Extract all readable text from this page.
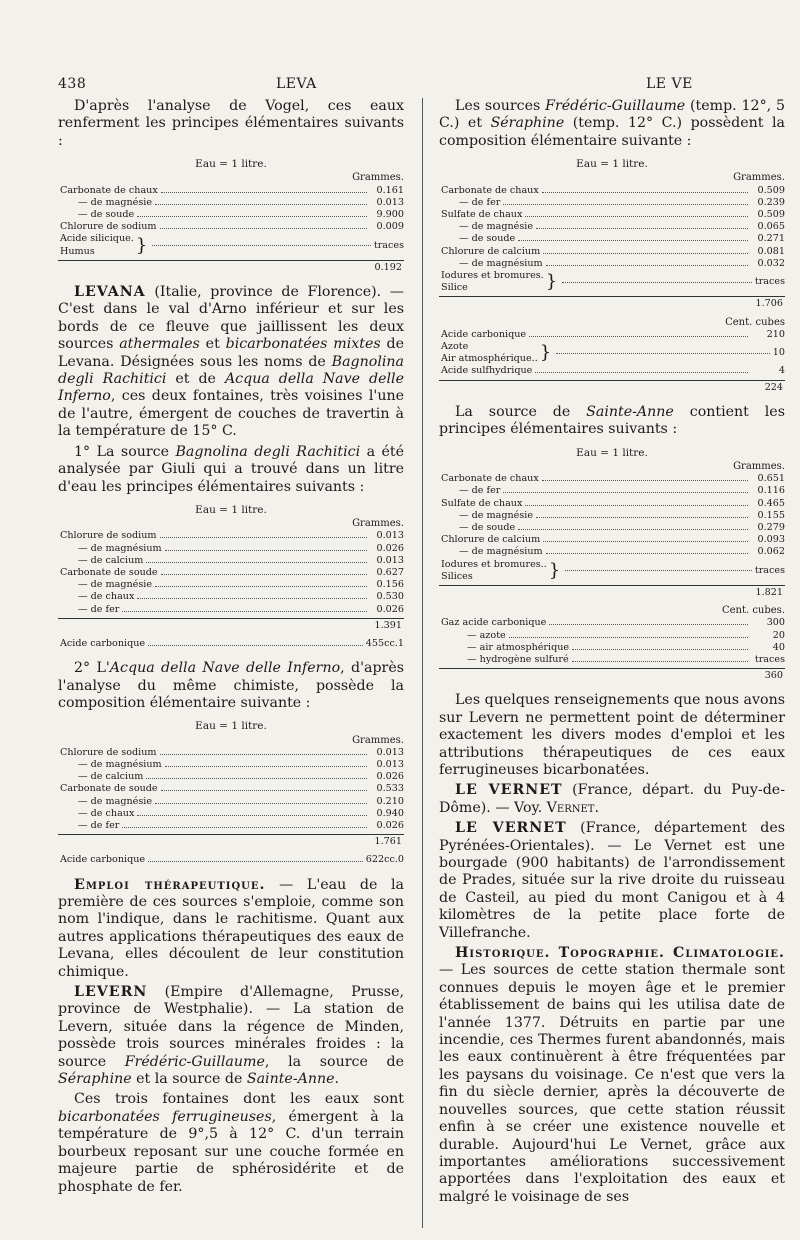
438	LEVA	LE VE

D'après l'analyse de Vogel, ces eaux renferment les principes élémentaires suivants :

Eau = 1 litre.
Grammes.
Carbonate de chaux	0.161
— de magnésie	0.013
— de soude	9.900
Chlorure de sodium	0.009
Acide silicique.
Humus	}	traces
0.192

LEVANA (Italie, province de Florence). — C'est dans le val d'Arno inférieur et sur les bords de ce fleuve que jaillissent les deux sources athermales et bicarbonatées mixtes de Levana. Désignées sous les noms de Bagnolina degli Rachitici et de Acqua della Nave delle Inferno, ces deux fontaines, très voisines l'une de l'autre, émergent de couches de travertin à la température de 15° C.

1° La source Bagnolina degli Rachitici a été analysée par Giuli qui a trouvé dans un litre d'eau les principes élémentaires suivants :

Eau = 1 litre.
Grammes.
Chlorure de sodium	0.013
— de magnésium	0.026
— de calcium	0.013
Carbonate de soude	0.627
— de magnésie	0.156
— de chaux	0.530
— de fer	0.026
1.391
Acide carbonique	455cc.1

2° L'Acqua della Nave delle Inferno, d'après l'analyse du même chimiste, possède la composition élémentaire suivante :

Eau = 1 litre.
Grammes.
Chlorure de sodium	0.013
— de magnésium	0.013
— de calcium	0.026
Carbonate de soude	0.533
— de magnésie	0.210
— de chaux	0.940
— de fer	0.026
1.761
Acide carbonique	622cc.0

Emploi thérapeutique. — L'eau de la première de ces sources s'emploie, comme son nom l'indique, dans le rachitisme. Quant aux autres applications thérapeutiques des eaux de Levana, elles découlent de leur constitution chimique.

LEVERN (Empire d'Allemagne, Prusse, province de Westphalie). — La station de Levern, située dans la régence de Minden, possède trois sources minérales froides : la source Frédéric-Guillaume, la source de Séraphine et la source de Sainte-Anne.

Ces trois fontaines dont les eaux sont bicarbonatées ferrugineuses, émergent à la température de 9°,5 à 12° C. d'un terrain bourbeux reposant sur une couche formée en majeure partie de sphérosidérite et de phosphate de fer.

Les sources Frédéric-Guillaume (temp. 12°, 5 C.) et Séraphine (temp. 12° C.) possèdent la composition élémentaire suivante :

Eau = 1 litre.
Grammes.
Carbonate de chaux	0.509
— de fer	0.239
Sulfate de chaux	0.509
— de magnésie	0.065
— de soude	0.271
Chlorure de calcium	0.081
— de magnésium	0.032
Iodures et bromures.
Silice	}	traces
1.706
Cent. cubes
Acide carbonique	210
Azote
Air atmosphérique.. }	10
Acide sulfhydrique	4
224

La source de Sainte-Anne contient les principes élémentaires suivants :

Eau = 1 litre.
Grammes.
Carbonate de chaux	0.651
— de fer	0.116
Sulfate de chaux	0.465
— de magnésie	0.155
— de soude	0.279
Chlorure de calcium	0.093
— de magnésium	0.062
Iodures et bromures..
Silices	}	traces
1.821
Cent. cubes.
Gaz acide carbonique	300
— azote	20
— air atmosphérique	40
— hydrogène sulfuré	traces
360

Les quelques renseignements que nous avons sur Levern ne permettent point de déterminer exactement les divers modes d'emploi et les attributions thérapeutiques de ces eaux ferrugineuses bicarbonatées.

LE VERNET (France, départ. du Puy-de-Dôme). — Voy. Vernet.

LE VERNET (France, département des Pyrénées-Orientales). — Le Vernet est une bourgade (900 habitants) de l'arrondissement de Prades, située sur la rive droite du ruisseau de Casteil, au pied du mont Canigou et à 4 kilomètres de la petite place forte de Villefranche.

Historique. Topographie. Climatologie. — Les sources de cette station thermale sont connues depuis le moyen âge et le premier établissement de bains qui les utilisa date de l'année 1377. Détruits en partie par une incendie, ces Thermes furent abandonnés, mais les eaux continuèrent à être fréquentées par les paysans du voisinage. Ce n'est que vers la fin du siècle dernier, après la découverte de nouvelles sources, que cette station réussit enfin à se créer une existence nouvelle et durable. Aujourd'hui Le Vernet, grâce aux importantes améliorations successivement apportées dans l'exploitation des eaux et malgré le voisinage de ses
